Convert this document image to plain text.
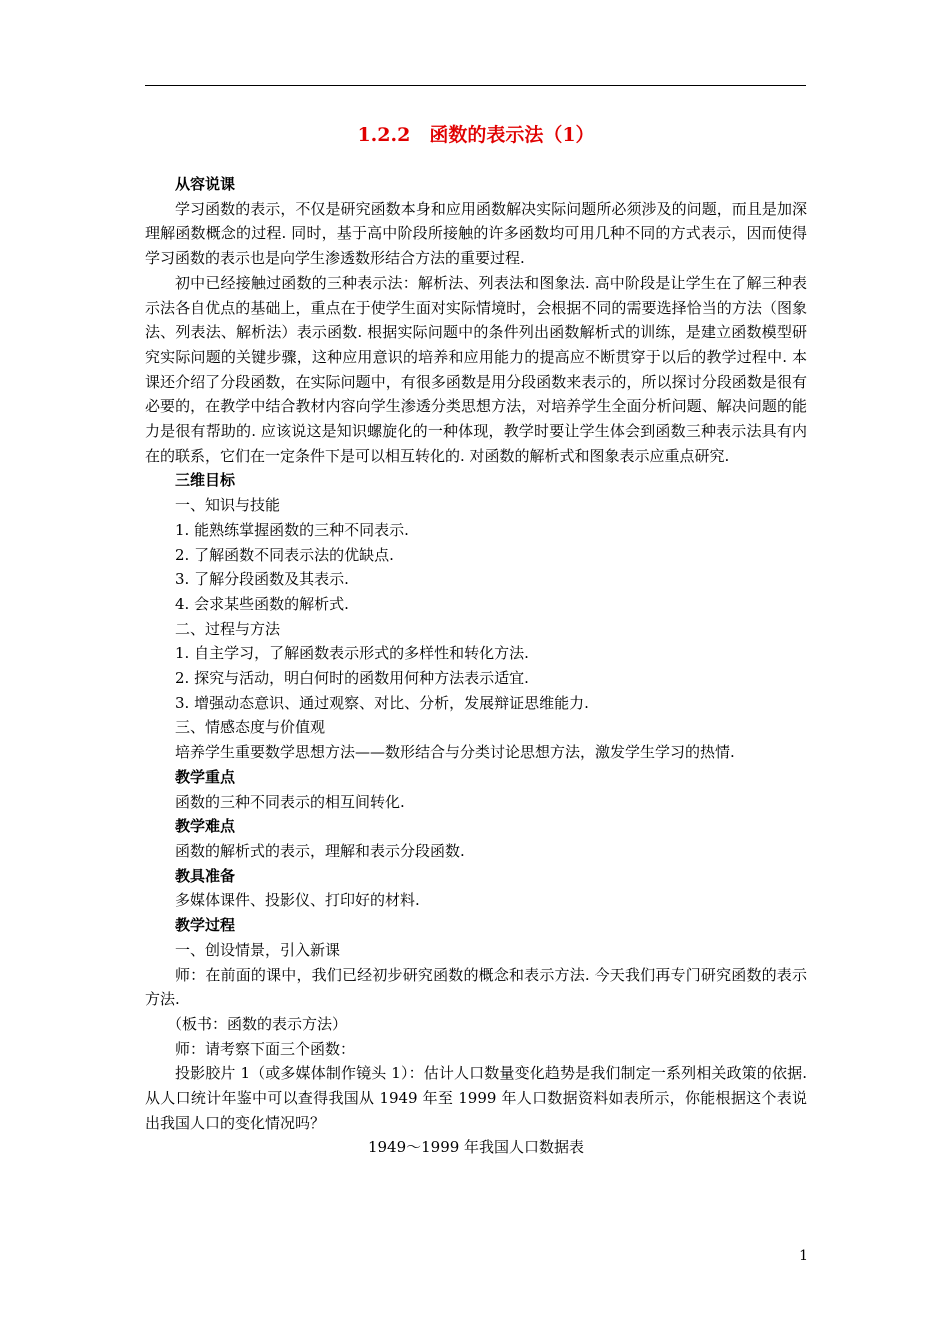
1.2.2　函数的表示法（1）

从容说课

学习函数的表示，不仅是研究函数本身和应用函数解决实际问题所必须涉及的问题，而且是加深理解函数概念的过程. 同时，基于高中阶段所接触的许多函数均可用几种不同的方式表示，因而使得学习函数的表示也是向学生渗透数形结合方法的重要过程.

初中已经接触过函数的三种表示法：解析法、列表法和图象法. 高中阶段是让学生在了解三种表示法各自优点的基础上，重点在于使学生面对实际情境时，会根据不同的需要选择恰当的方法（图象法、列表法、解析法）表示函数. 根据实际问题中的条件列出函数解析式的训练，是建立函数模型研究实际问题的关键步骤，这种应用意识的培养和应用能力的提高应不断贯穿于以后的教学过程中. 本课还介绍了分段函数，在实际问题中，有很多函数是用分段函数来表示的，所以探讨分段函数是很有必要的，在教学中结合教材内容向学生渗透分类思想方法，对培养学生全面分析问题、解决问题的能力是很有帮助的. 应该说这是知识螺旋化的一种体现，教学时要让学生体会到函数三种表示法具有内在的联系，它们在一定条件下是可以相互转化的. 对函数的解析式和图象表示应重点研究.

三维目标

一、知识与技能

1. 能熟练掌握函数的三种不同表示.

2. 了解函数不同表示法的优缺点.

3. 了解分段函数及其表示.

4. 会求某些函数的解析式.

二、过程与方法

1. 自主学习，了解函数表示形式的多样性和转化方法.

2. 探究与活动，明白何时的函数用何种方法表示适宜.

3. 增强动态意识、通过观察、对比、分析，发展辩证思维能力.

三、情感态度与价值观

培养学生重要数学思想方法——数形结合与分类讨论思想方法，激发学生学习的热情.

教学重点

函数的三种不同表示的相互间转化.

教学难点

函数的解析式的表示，理解和表示分段函数.

教具准备

多媒体课件、投影仪、打印好的材料.

教学过程

一、创设情景，引入新课

师：在前面的课中，我们已经初步研究函数的概念和表示方法. 今天我们再专门研究函数的表示方法.

（板书：函数的表示方法）

师：请考察下面三个函数：

投影胶片 1（或多媒体制作镜头 1）：估计人口数量变化趋势是我们制定一系列相关政策的依据. 从人口统计年鉴中可以查得我国从 1949 年至 1999 年人口数据资料如表所示，你能根据这个表说出我国人口的变化情况吗？

1949～1999 年我国人口数据表

1
